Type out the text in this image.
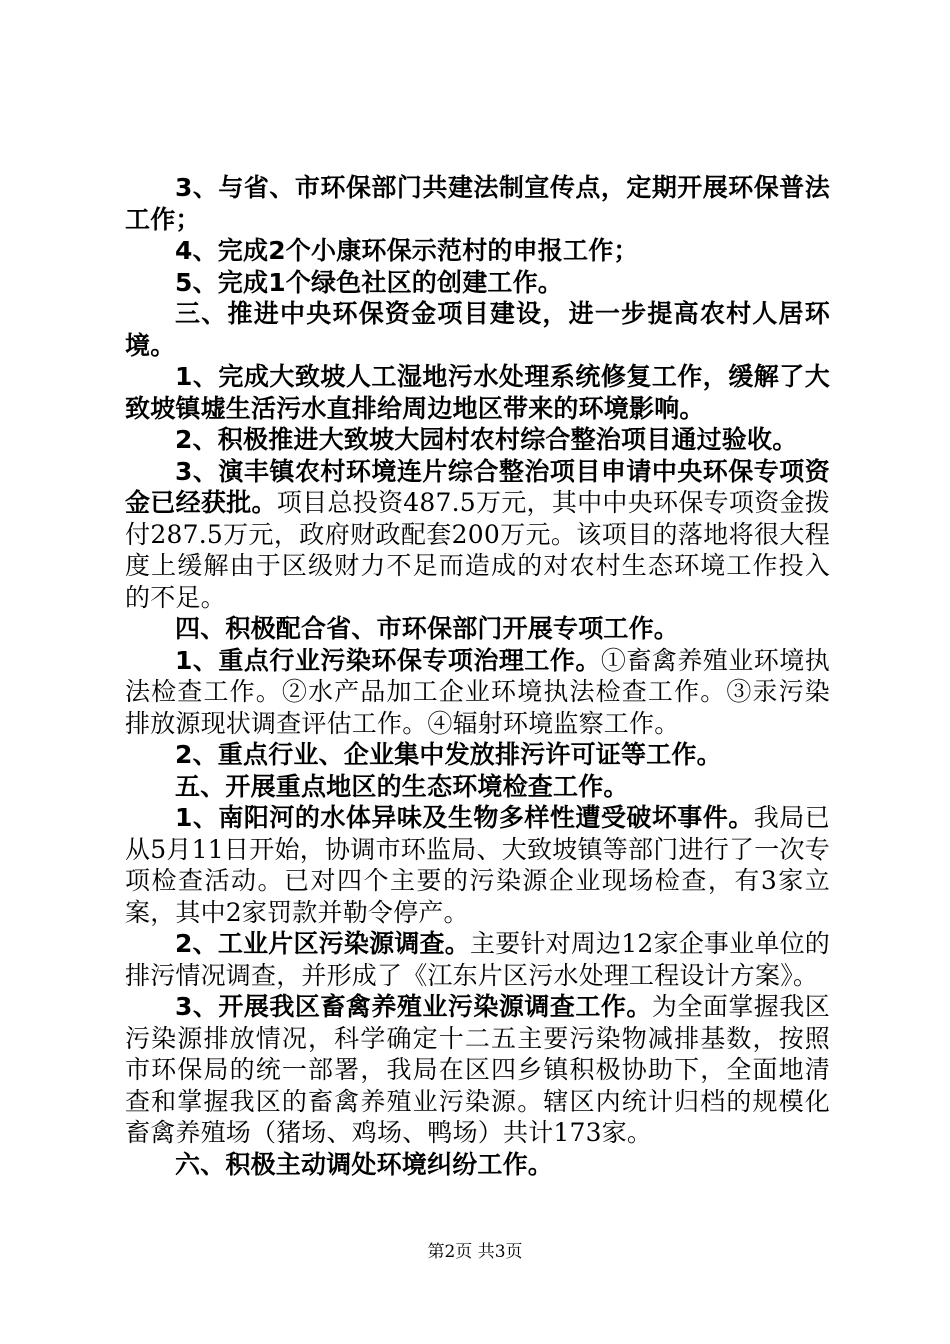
3、与省、市环保部门共建法制宣传点，定期开展环保普法工作；

4、完成2个小康环保示范村的申报工作；

5、完成1个绿色社区的创建工作。

三、推进中央环保资金项目建设，进一步提高农村人居环境。

1、完成大致坡人工湿地污水处理系统修复工作，缓解了大致坡镇墟生活污水直排给周边地区带来的环境影响。

2、积极推进大致坡大园村农村综合整治项目通过验收。

3、演丰镇农村环境连片综合整治项目申请中央环保专项资金已经获批。项目总投资487.5万元，其中中央环保专项资金拨付287.5万元，政府财政配套200万元。该项目的落地将很大程度上缓解由于区级财力不足而造成的对农村生态环境工作投入的不足。

四、积极配合省、市环保部门开展专项工作。

1、重点行业污染环保专项治理工作。①畜禽养殖业环境执法检查工作。②水产品加工企业环境执法检查工作。③汞污染排放源现状调查评估工作。④辐射环境监察工作。

2、重点行业、企业集中发放排污许可证等工作。

五、开展重点地区的生态环境检查工作。

1、南阳河的水体异味及生物多样性遭受破坏事件。我局已从5月11日开始，协调市环监局、大致坡镇等部门进行了一次专项检查活动。已对四个主要的污染源企业现场检查，有3家立案，其中2家罚款并勒令停产。

2、工业片区污染源调查。主要针对周边12家企事业单位的排污情况调查，并形成了《江东片区污水处理工程设计方案》。

3、开展我区畜禽养殖业污染源调查工作。为全面掌握我区污染源排放情况，科学确定十二五主要污染物减排基数，按照市环保局的统一部署，我局在区四乡镇积极协助下，全面地清查和掌握我区的畜禽养殖业污染源。辖区内统计归档的规模化畜禽养殖场（猪场、鸡场、鸭场）共计173家。

六、积极主动调处环境纠纷工作。

第2页 共3页
